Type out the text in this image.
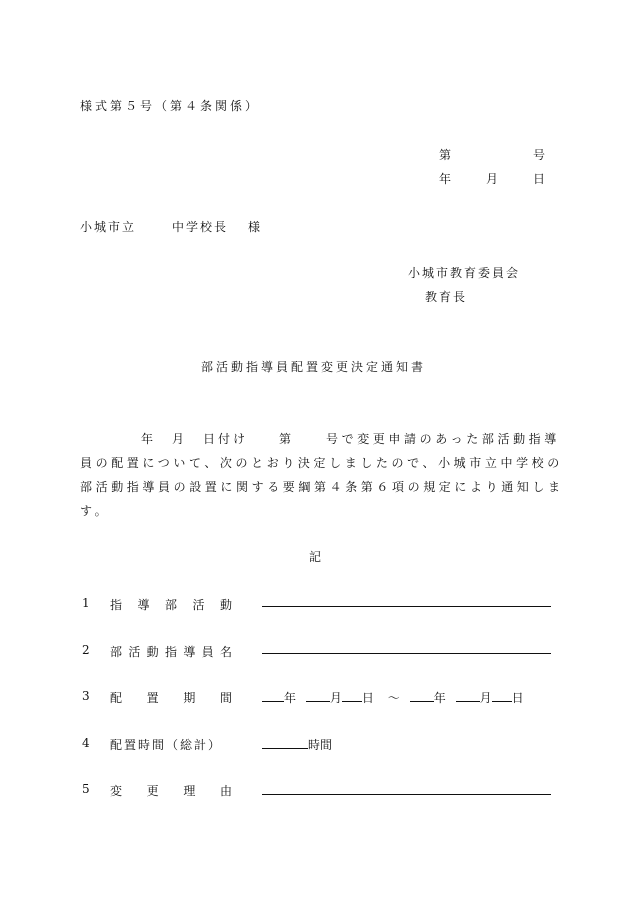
様式第５号（第４条関係）
第	号
年	月	日
小城市立	中学校長 様
小城市教育委員会
教育長
部活動指導員配置変更決定通知書
年 月 日付け	第	号で変更申請のあった部活動指導
員の配置について、次のとおり決定しましたので、小城市立中学校の
部活動指導員の設置に関する要綱第４条第６項の規定により通知しま
す。
記
1 指 導 部 活 動
2 部 活 動 指 導 員 名
3 配 置 期 間	年	月 日 ～	年	月 日
4 配置時間（総計）	時間
5 変 更 理 由
